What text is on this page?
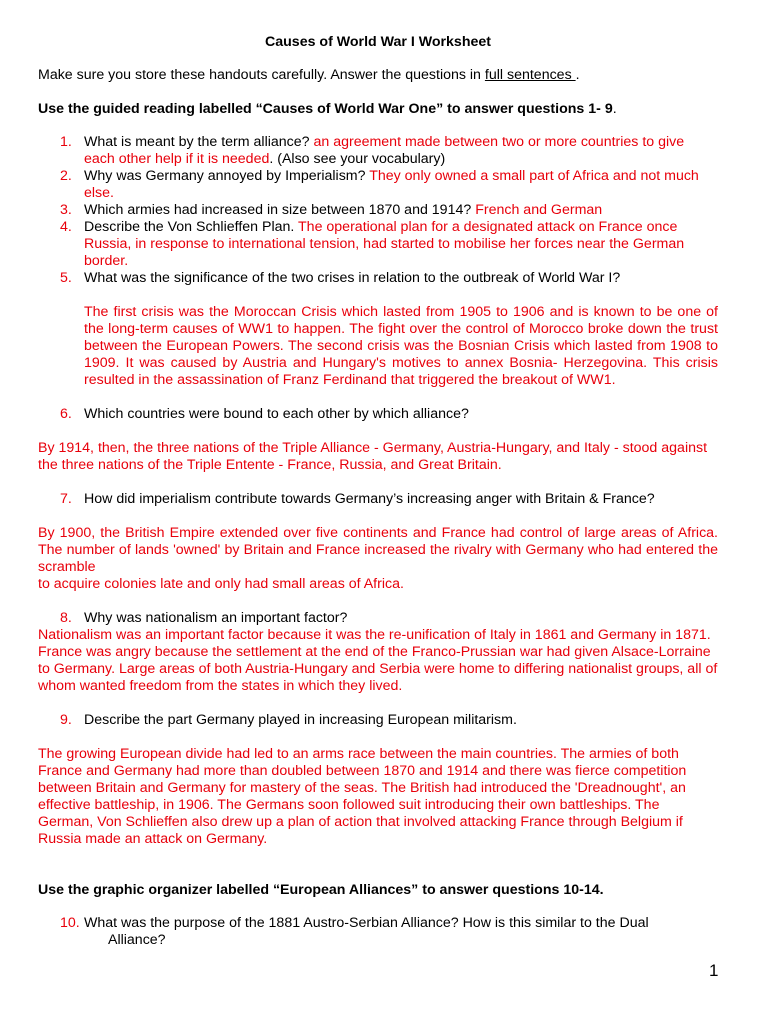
Causes of World War I Worksheet

Make sure you store these handouts carefully. Answer the questions in full sentences .

Use the guided reading labelled “Causes of World War One” to answer questions 1- 9.

1. What is meant by the term alliance? an agreement made between two or more countries to give each other help if it is needed. (Also see your vocabulary)

2. Why was Germany annoyed by Imperialism? They only owned a small part of Africa and not much else.

3. Which armies had increased in size between 1870 and 1914? French and German

4. Describe the Von Schlieffen Plan. The operational plan for a designated attack on France once Russia, in response to international tension, had started to mobilise her forces near the German border.

5. What was the significance of the two crises in relation to the outbreak of World War I?

The first crisis was the Moroccan Crisis which lasted from 1905 to 1906 and is known to be one of the long-term causes of WW1 to happen. The fight over the control of Morocco broke down the trust between the European Powers. The second crisis was the Bosnian Crisis which lasted from 1908 to 1909. It was caused by Austria and Hungary's motives to annex Bosnia- Herzegovina. This crisis resulted in the assassination of Franz Ferdinand that triggered the breakout of WW1.

6. Which countries were bound to each other by which alliance?

By 1914, then, the three nations of the Triple Alliance - Germany, Austria-Hungary, and Italy - stood against the three nations of the Triple Entente - France, Russia, and Great Britain.

7. How did imperialism contribute towards Germany’s increasing anger with Britain & France?

By 1900, the British Empire extended over five continents and France had control of large areas of Africa. The number of lands 'owned' by Britain and France increased the rivalry with Germany who had entered the scramble

to acquire colonies late and only had small areas of Africa.

8. Why was nationalism an important factor?

Nationalism was an important factor because it was the re-unification of Italy in 1861 and Germany in 1871. France was angry because the settlement at the end of the Franco-Prussian war had given Alsace-Lorraine to Germany. Large areas of both Austria-Hungary and Serbia were home to differing nationalist groups, all of whom wanted freedom from the states in which they lived.

9. Describe the part Germany played in increasing European militarism.

The growing European divide had led to an arms race between the main countries. The armies of both France and Germany had more than doubled between 1870 and 1914 and there was fierce competition between Britain and Germany for mastery of the seas. The British had introduced the 'Dreadnought', an effective battleship, in 1906. The Germans soon followed suit introducing their own battleships. The German, Von Schlieffen also drew up a plan of action that involved attacking France through Belgium if Russia made an attack on Germany.

Use the graphic organizer labelled “European Alliances” to answer questions 10-14.

10. What was the purpose of the 1881 Austro-Serbian Alliance? How is this similar to the Dual
Alliance?

1
